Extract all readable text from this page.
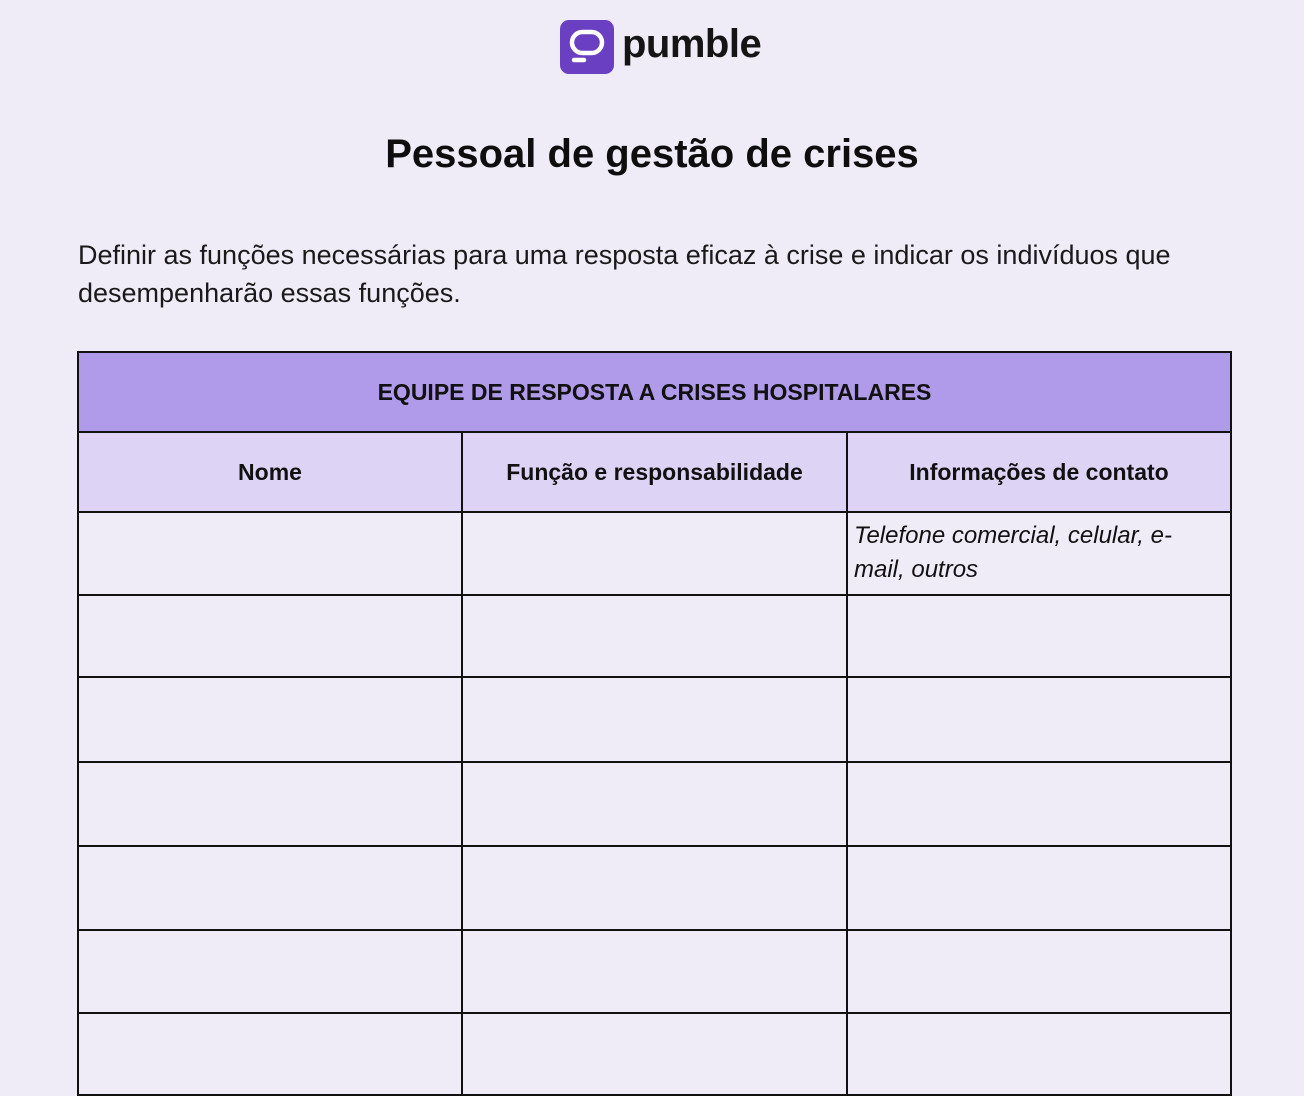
pumble
Pessoal de gestão de crises

Definir as funções necessárias para uma resposta eficaz à crise e indicar os indivíduos que desempenharão essas funções.

EQUIPE DE RESPOSTA A CRISES HOSPITALARES		
Nome	Função e responsabilidade	Informações de contato

		Telefone comercial, celular, e-mail, outros
